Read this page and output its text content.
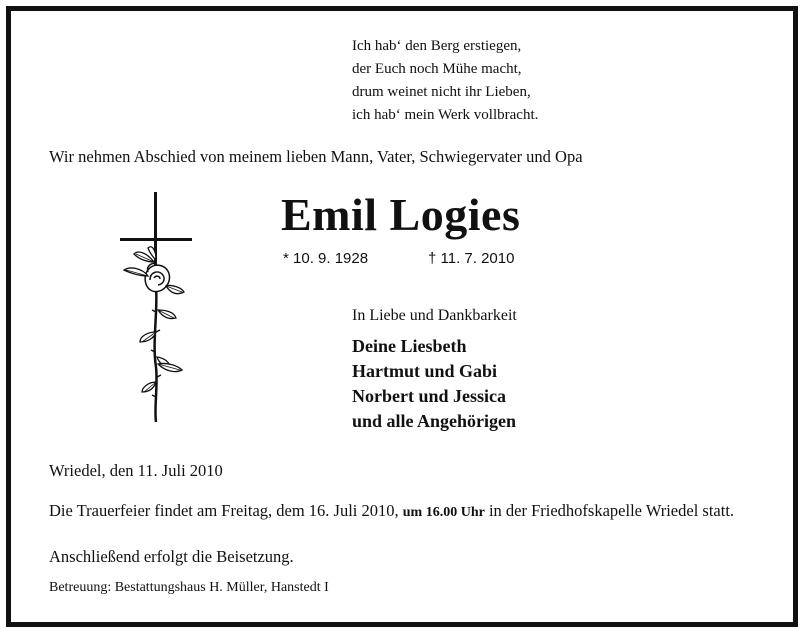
Ich hab‘ den Berg erstiegen,
der Euch noch Mühe macht,
drum weinet nicht ihr Lieben,
ich hab‘ mein Werk vollbracht.
Wir nehmen Abschied von meinem lieben Mann, Vater, Schwiegervater und Opa
Emil Logies
* 10. 9. 1928	† 11. 7. 2010
In Liebe und Dankbarkeit
Deine Liesbeth
Hartmut und Gabi
Norbert und Jessica
und alle Angehörigen
Wriedel, den 11. Juli 2010
Die Trauerfeier findet am Freitag, dem 16. Juli 2010, um 16.00 Uhr in der Friedhofskapelle Wriedel statt.
Anschließend erfolgt die Beisetzung.
Betreuung: Bestattungshaus H. Müller, Hanstedt I
